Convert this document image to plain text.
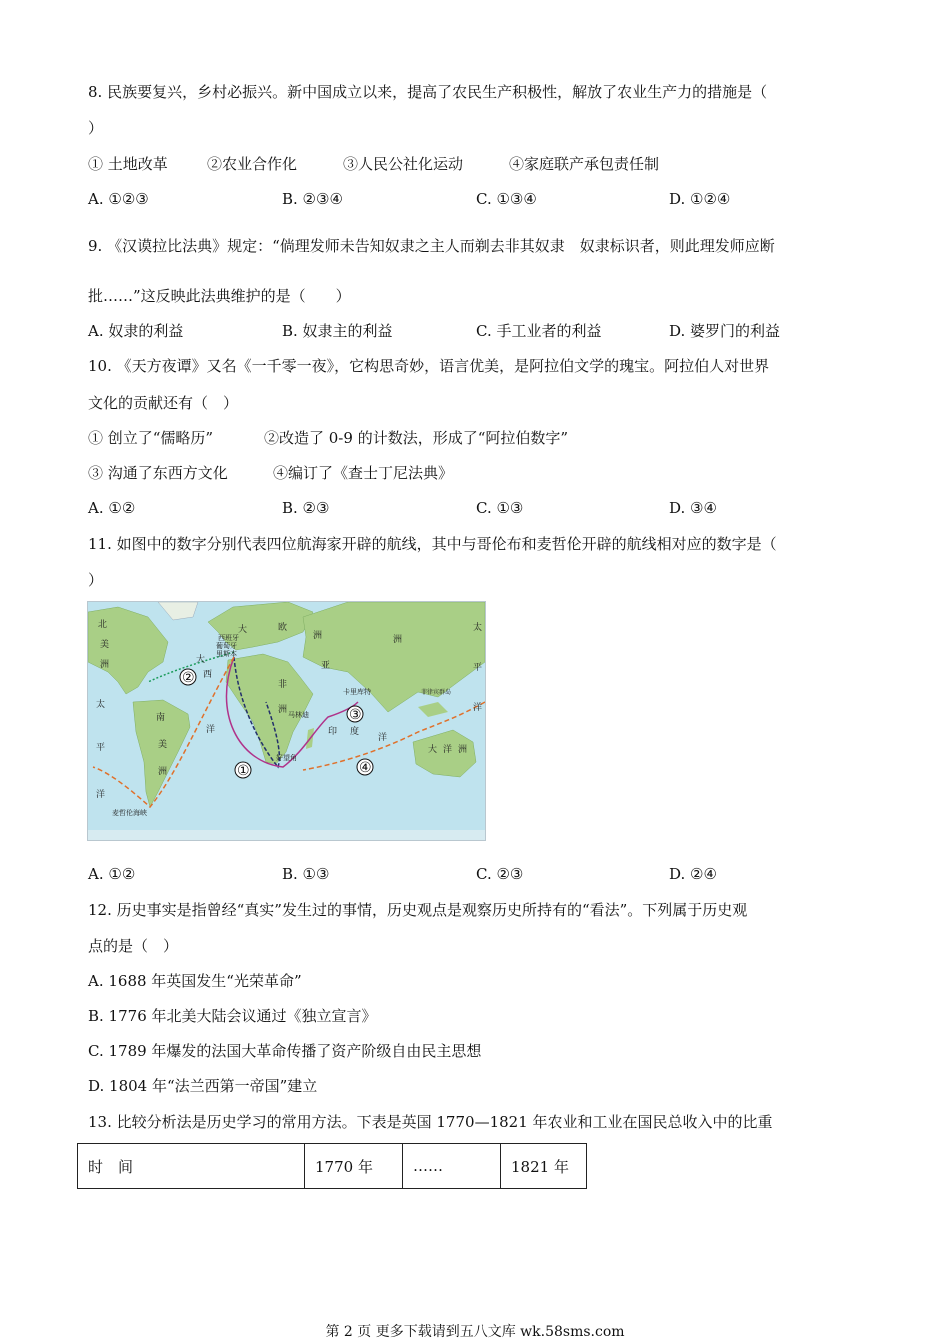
8. 民族要复兴，乡村必振兴。新中国成立以来，提高了农民生产积极性，解放了农业生产力的措施是（
）
① 土地改革	②农业合作化	③人民公社化运动	④家庭联产承包责任制
A. ①②③	B. ②③④	C. ①③④	D. ①②④
9. 《汉谟拉比法典》规定：“倘理发师未告知奴隶之主人而剃去非其奴隶　奴隶标识者，则此理发师应断
批……”这反映此法典维护的是（　　）
A. 奴隶的利益	B. 奴隶主的利益	C. 手工业者的利益	D. 婆罗门的利益
10. 《天方夜谭》又名《一千零一夜》，它构思奇妙，语言优美，是阿拉伯文学的瑰宝。阿拉伯人对世界
文化的贡献还有（　）
① 创立了“儒略历”	②改造了 0-9 的计数法，形成了“阿拉伯数字”
③ 沟通了东西方文化	④编订了《查士丁尼法典》
A. ①②	B. ②③	C. ①③	D. ③④
11. 如图中的数字分别代表四位航海家开辟的航线，其中与哥伦布和麦哲伦开辟的航线相对应的数字是（
）
①
②
③
④
大	欧
洲
北
美
洲
西班牙
葡萄牙
里斯本
亚
洲
大
西
非
洲
卡里库特
马林迪
菲律宾群岛
太
平
洋
南
美
洲
太
平
洋
洋	印 度
洋
好望角
大 洋 洲
麦哲伦海峡
A. ①②	B. ①③	C. ②③	D. ②④
12. 历史事实是指曾经“真实”发生过的事情，历史观点是观察历史所持有的“看法”。下列属于历史观
点的是（　）
A. 1688 年英国发生“光荣革命”
B. 1776 年北美大陆会议通过《独立宣言》
C. 1789 年爆发的法国大革命传播了资产阶级自由民主思想
D. 1804 年“法兰西第一帝国”建立
13. 比较分析法是历史学习的常用方法。下表是英国 1770—1821 年农业和工业在国民总收入中的比重
时　间	1770 年	……	1821 年
第 2 页 更多下载请到五八文库 wk.58sms.com
